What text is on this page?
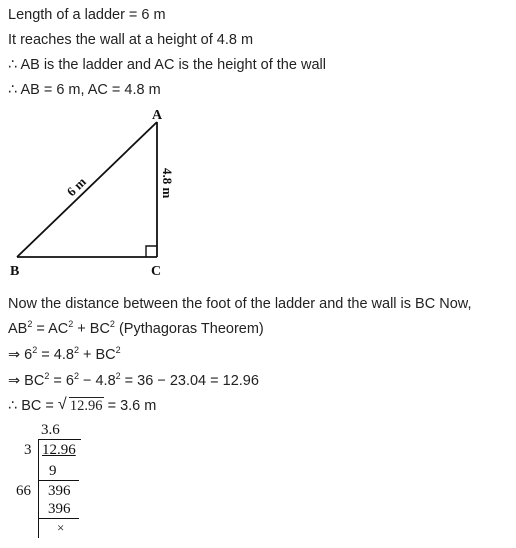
Length of a ladder = 6 m

It reaches the wall at a height of 4.8 m

∴ AB is the ladder and AC is the height of the wall

∴ AB = 6 m, AC = 4.8 m

A
B	C
6 m	4.8 m

Now the distance between the foot of the ladder and the wall is BC Now,

$AB^2 = AC^2 + BC^2$ (Pythagoras Theorem)

⇒ $6^2 = 4.8^2 + BC^2$

⇒ $BC^2 = 6^2 - 4.8^2 = 36 - 23.04 = 12.96$

∴ BC = √ 12.96 = 3.6 m

3.6
3 12.96
9
66 396
396
×
